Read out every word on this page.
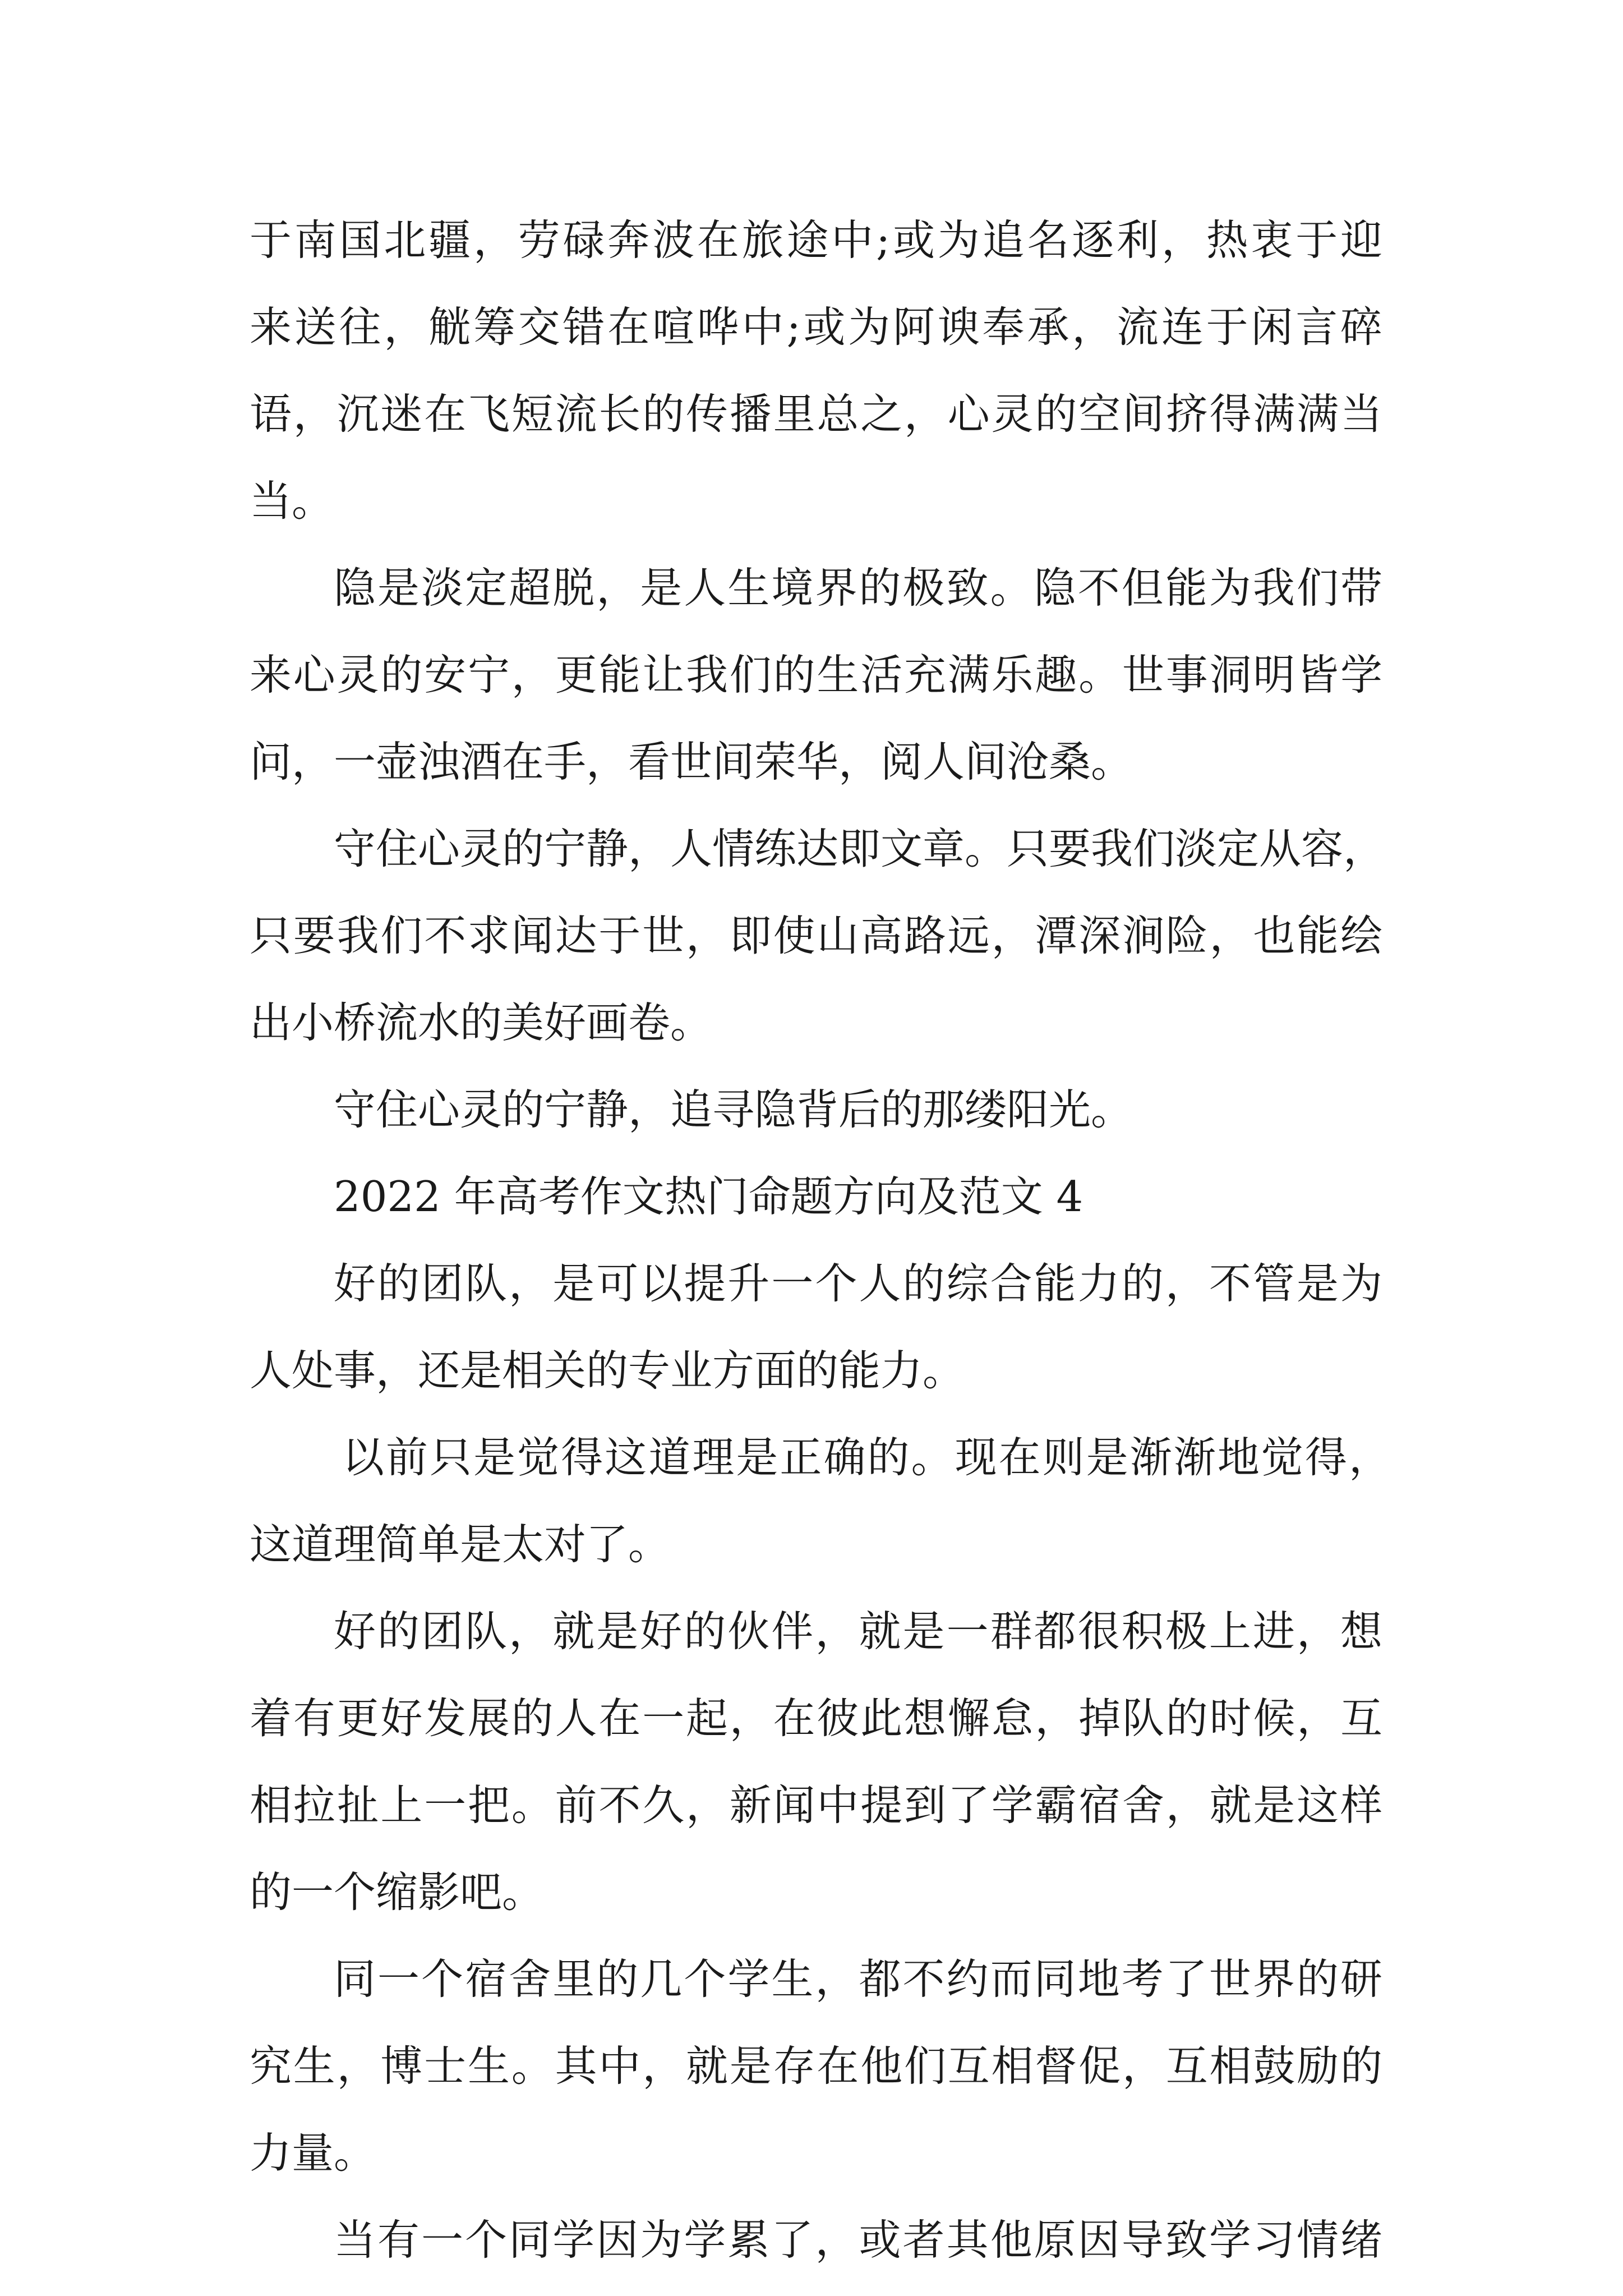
于南国北疆，劳碌奔波在旅途中;或为追名逐利，热衷于迎
来送往，觥筹交错在喧哗中;或为阿谀奉承，流连于闲言碎
语，沉迷在飞短流长的传播里总之，心灵的空间挤得满满当
当。
隐是淡定超脱，是人生境界的极致。隐不但能为我们带
来心灵的安宁，更能让我们的生活充满乐趣。世事洞明皆学
问，一壶浊酒在手，看世间荣华，阅人间沧桑。
守住心灵的宁静，人情练达即文章。只要我们淡定从容，
只要我们不求闻达于世，即使山高路远，潭深涧险，也能绘
出小桥流水的美好画卷。
守住心灵的宁静，追寻隐背后的那缕阳光。
2022 年高考作文热门命题方向及范文 4
好的团队，是可以提升一个人的综合能力的，不管是为
人处事，还是相关的专业方面的能力。
以前只是觉得这道理是正确的。现在则是渐渐地觉得，
这道理简单是太对了。
好的团队，就是好的伙伴，就是一群都很积极上进，想
着有更好发展的人在一起，在彼此想懈怠，掉队的时候，互
相拉扯上一把。前不久，新闻中提到了学霸宿舍，就是这样
的一个缩影吧。
同一个宿舍里的几个学生，都不约而同地考了世界的研
究生，博士生。其中，就是存在他们互相督促，互相鼓励的
力量。
当有一个同学因为学累了，或者其他原因导致学习情绪
